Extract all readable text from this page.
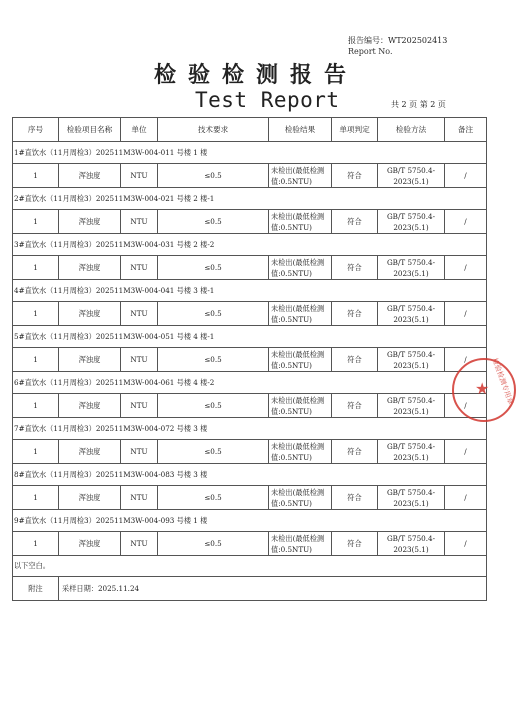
报告编号：WT202502413
Report No.
检验检测报告
Test Report	共 2 页 第 2 页
序号	检验项目名称	单位	技术要求	检验结果	单项判定	检验方法	备注
1#直饮水（11月周检3）202511M3W-004-011 号楼 1 楼							
1	浑浊度	NTU	≤0.5	未检出(最低检测值:0.5NTU)	符合	GB/T 5750.4-2023(5.1)	/
2#直饮水（11月周检3）202511M3W-004-021 号楼 2 楼-1							
1	浑浊度	NTU	≤0.5	未检出(最低检测值:0.5NTU)	符合	GB/T 5750.4-2023(5.1)	/
3#直饮水（11月周检3）202511M3W-004-031 号楼 2 楼-2							
1	浑浊度	NTU	≤0.5	未检出(最低检测值:0.5NTU)	符合	GB/T 5750.4-2023(5.1)	/
4#直饮水（11月周检3）202511M3W-004-041 号楼 3 楼-1							
1	浑浊度	NTU	≤0.5	未检出(最低检测值:0.5NTU)	符合	GB/T 5750.4-2023(5.1)	/
5#直饮水（11月周检3）202511M3W-004-051 号楼 4 楼-1							
1	浑浊度	NTU	≤0.5	未检出(最低检测值:0.5NTU)	符合	GB/T 5750.4-2023(5.1)	/
6#直饮水（11月周检3）202511M3W-004-061 号楼 4 楼-2							
1	浑浊度	NTU	≤0.5	未检出(最低检测值:0.5NTU)	符合	GB/T 5750.4-2023(5.1)	/
7#直饮水（11月周检3）202511M3W-004-072 号楼 3 楼							
1	浑浊度	NTU	≤0.5	未检出(最低检测值:0.5NTU)	符合	GB/T 5750.4-2023(5.1)	/
8#直饮水（11月周检3）202511M3W-004-083 号楼 3 楼							
1	浑浊度	NTU	≤0.5	未检出(最低检测值:0.5NTU)	符合	GB/T 5750.4-2023(5.1)	/
9#直饮水（11月周检3）202511M3W-004-093 号楼 1 楼							
1	浑浊度	NTU	≤0.5	未检出(最低检测值:0.5NTU)	符合	GB/T 5750.4-2023(5.1)	/
以下空白。							
附注	采样日期：2025.11.24						
检验检测专用章
★
